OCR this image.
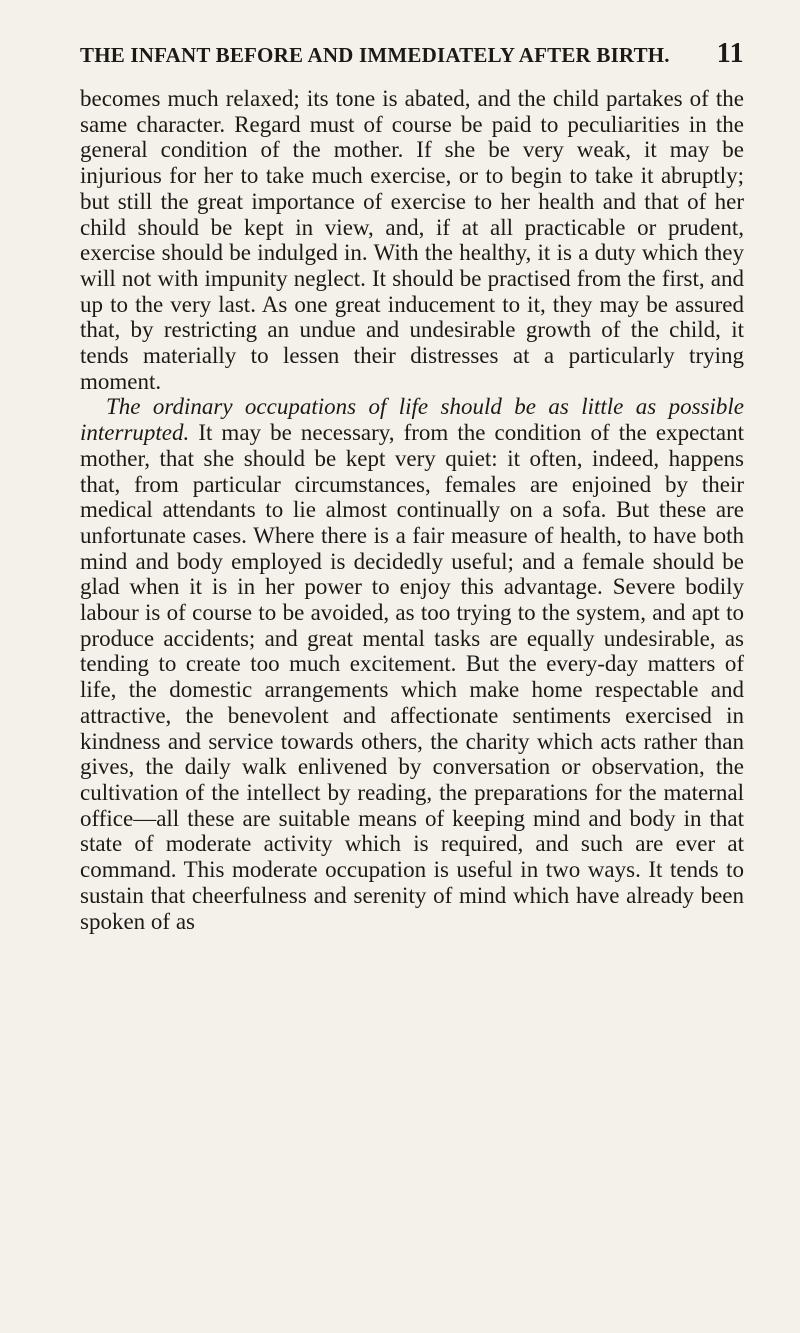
THE INFANT BEFORE AND IMMEDIATELY AFTER BIRTH. 11

becomes much relaxed; its tone is abated, and the child partakes of the same character. Regard must of course be paid to peculiarities in the general condition of the mother. If she be very weak, it may be injurious for her to take much exercise, or to begin to take it abruptly; but still the great importance of exercise to her health and that of her child should be kept in view, and, if at all practicable or prudent, exercise should be indulged in. With the healthy, it is a duty which they will not with impunity neglect. It should be practised from the first, and up to the very last. As one great inducement to it, they may be assured that, by restricting an undue and undesirable growth of the child, it tends materially to lessen their distresses at a particularly trying moment.

The ordinary occupations of life should be as little as possible interrupted. It may be necessary, from the condition of the expectant mother, that she should be kept very quiet: it often, indeed, happens that, from particular circumstances, females are enjoined by their medical attendants to lie almost continually on a sofa. But these are unfortunate cases. Where there is a fair measure of health, to have both mind and body employed is decidedly useful; and a female should be glad when it is in her power to enjoy this advantage. Severe bodily labour is of course to be avoided, as too trying to the system, and apt to produce accidents; and great mental tasks are equally undesirable, as tending to create too much excitement. But the every-day matters of life, the domestic arrangements which make home respectable and attractive, the benevolent and affectionate sentiments exercised in kindness and service towards others, the charity which acts rather than gives, the daily walk enlivened by conversation or observation, the cultivation of the intellect by reading, the preparations for the maternal office—all these are suitable means of keeping mind and body in that state of moderate activity which is required, and such are ever at command. This moderate occupation is useful in two ways. It tends to sustain that cheerfulness and serenity of mind which have already been spoken of as
